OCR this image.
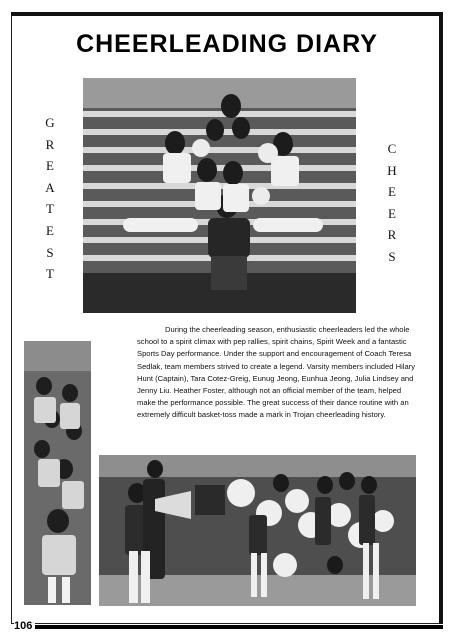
CHEERLEADING DIARY
G
R
E
A
T
E
S
T
C
H
E
E
R
S

During the cheerleading season, enthusiastic cheerleaders led the whole school to a spirit climax with pep rallies, spirit chains, Spirit Week and a fantastic Sports Day performance. Under the support and encouragement of Coach Teresa Sedlak, team members strived to create a legend. Varsity members included Hilary Hunt (Captain), Tara Cotez-Greig, Eunug Jeong, Eunhua Jeong, Julia Lindsey and Jenny Liu. Heather Foster, although not an official member of the team, helped make the performance possible. The great success of their dance routine with an extremely difficult basket-toss made a mark in Trojan cheerleading history.

106
